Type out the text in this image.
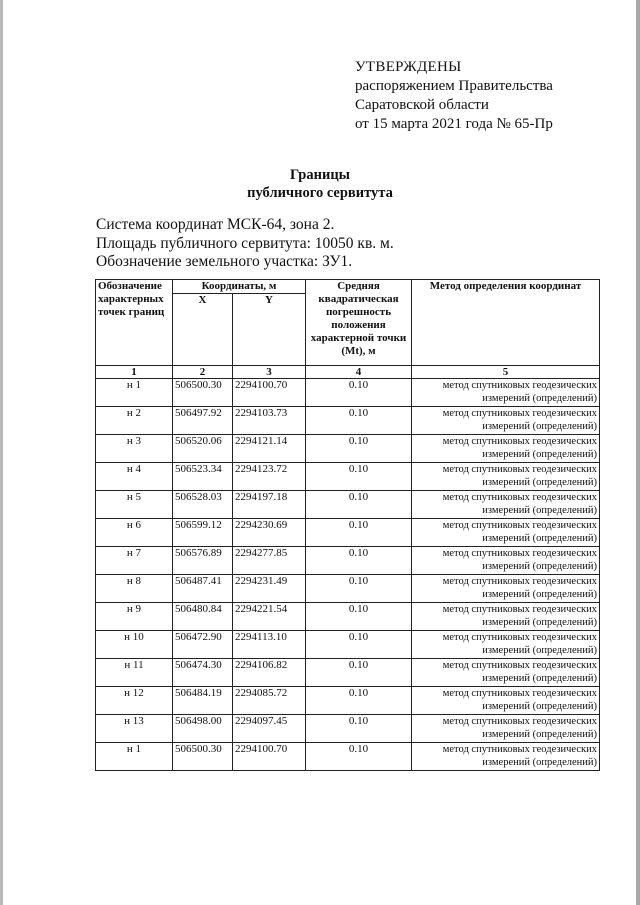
УТВЕРЖДЕНЫ
распоряжением Правительства
Саратовской области
от 15 марта 2021 года № 65-Пр
Границы
публичного сервитута
Система координат МСК-64, зона 2.
Площадь публичного сервитута: 10050 кв. м.
Обозначение земельного участка: ЗУ1.
Обозначение характерных точек границ	Координаты, м		Средняя квадратическая погрешность положения характерной точки (Mt), м	Метод определения координат
	X	Y		
1	2	3	4	5
н 1	506500.30	2294100.70	0.10	метод спутниковых геодезических измерений (определений)
н 2	506497.92	2294103.73	0.10	метод спутниковых геодезических измерений (определений)
н 3	506520.06	2294121.14	0.10	метод спутниковых геодезических измерений (определений)
н 4	506523.34	2294123.72	0.10	метод спутниковых геодезических измерений (определений)
н 5	506528.03	2294197.18	0.10	метод спутниковых геодезических измерений (определений)
н 6	506599.12	2294230.69	0.10	метод спутниковых геодезических измерений (определений)
н 7	506576.89	2294277.85	0.10	метод спутниковых геодезических измерений (определений)
н 8	506487.41	2294231.49	0.10	метод спутниковых геодезических измерений (определений)
н 9	506480.84	2294221.54	0.10	метод спутниковых геодезических измерений (определений)
н 10	506472.90	2294113.10	0.10	метод спутниковых геодезических измерений (определений)
н 11	506474.30	2294106.82	0.10	метод спутниковых геодезических измерений (определений)
н 12	506484.19	2294085.72	0.10	метод спутниковых геодезических измерений (определений)
н 13	506498.00	2294097.45	0.10	метод спутниковых геодезических измерений (определений)
н 1	506500.30	2294100.70	0.10	метод спутниковых геодезических измерений (определений)
